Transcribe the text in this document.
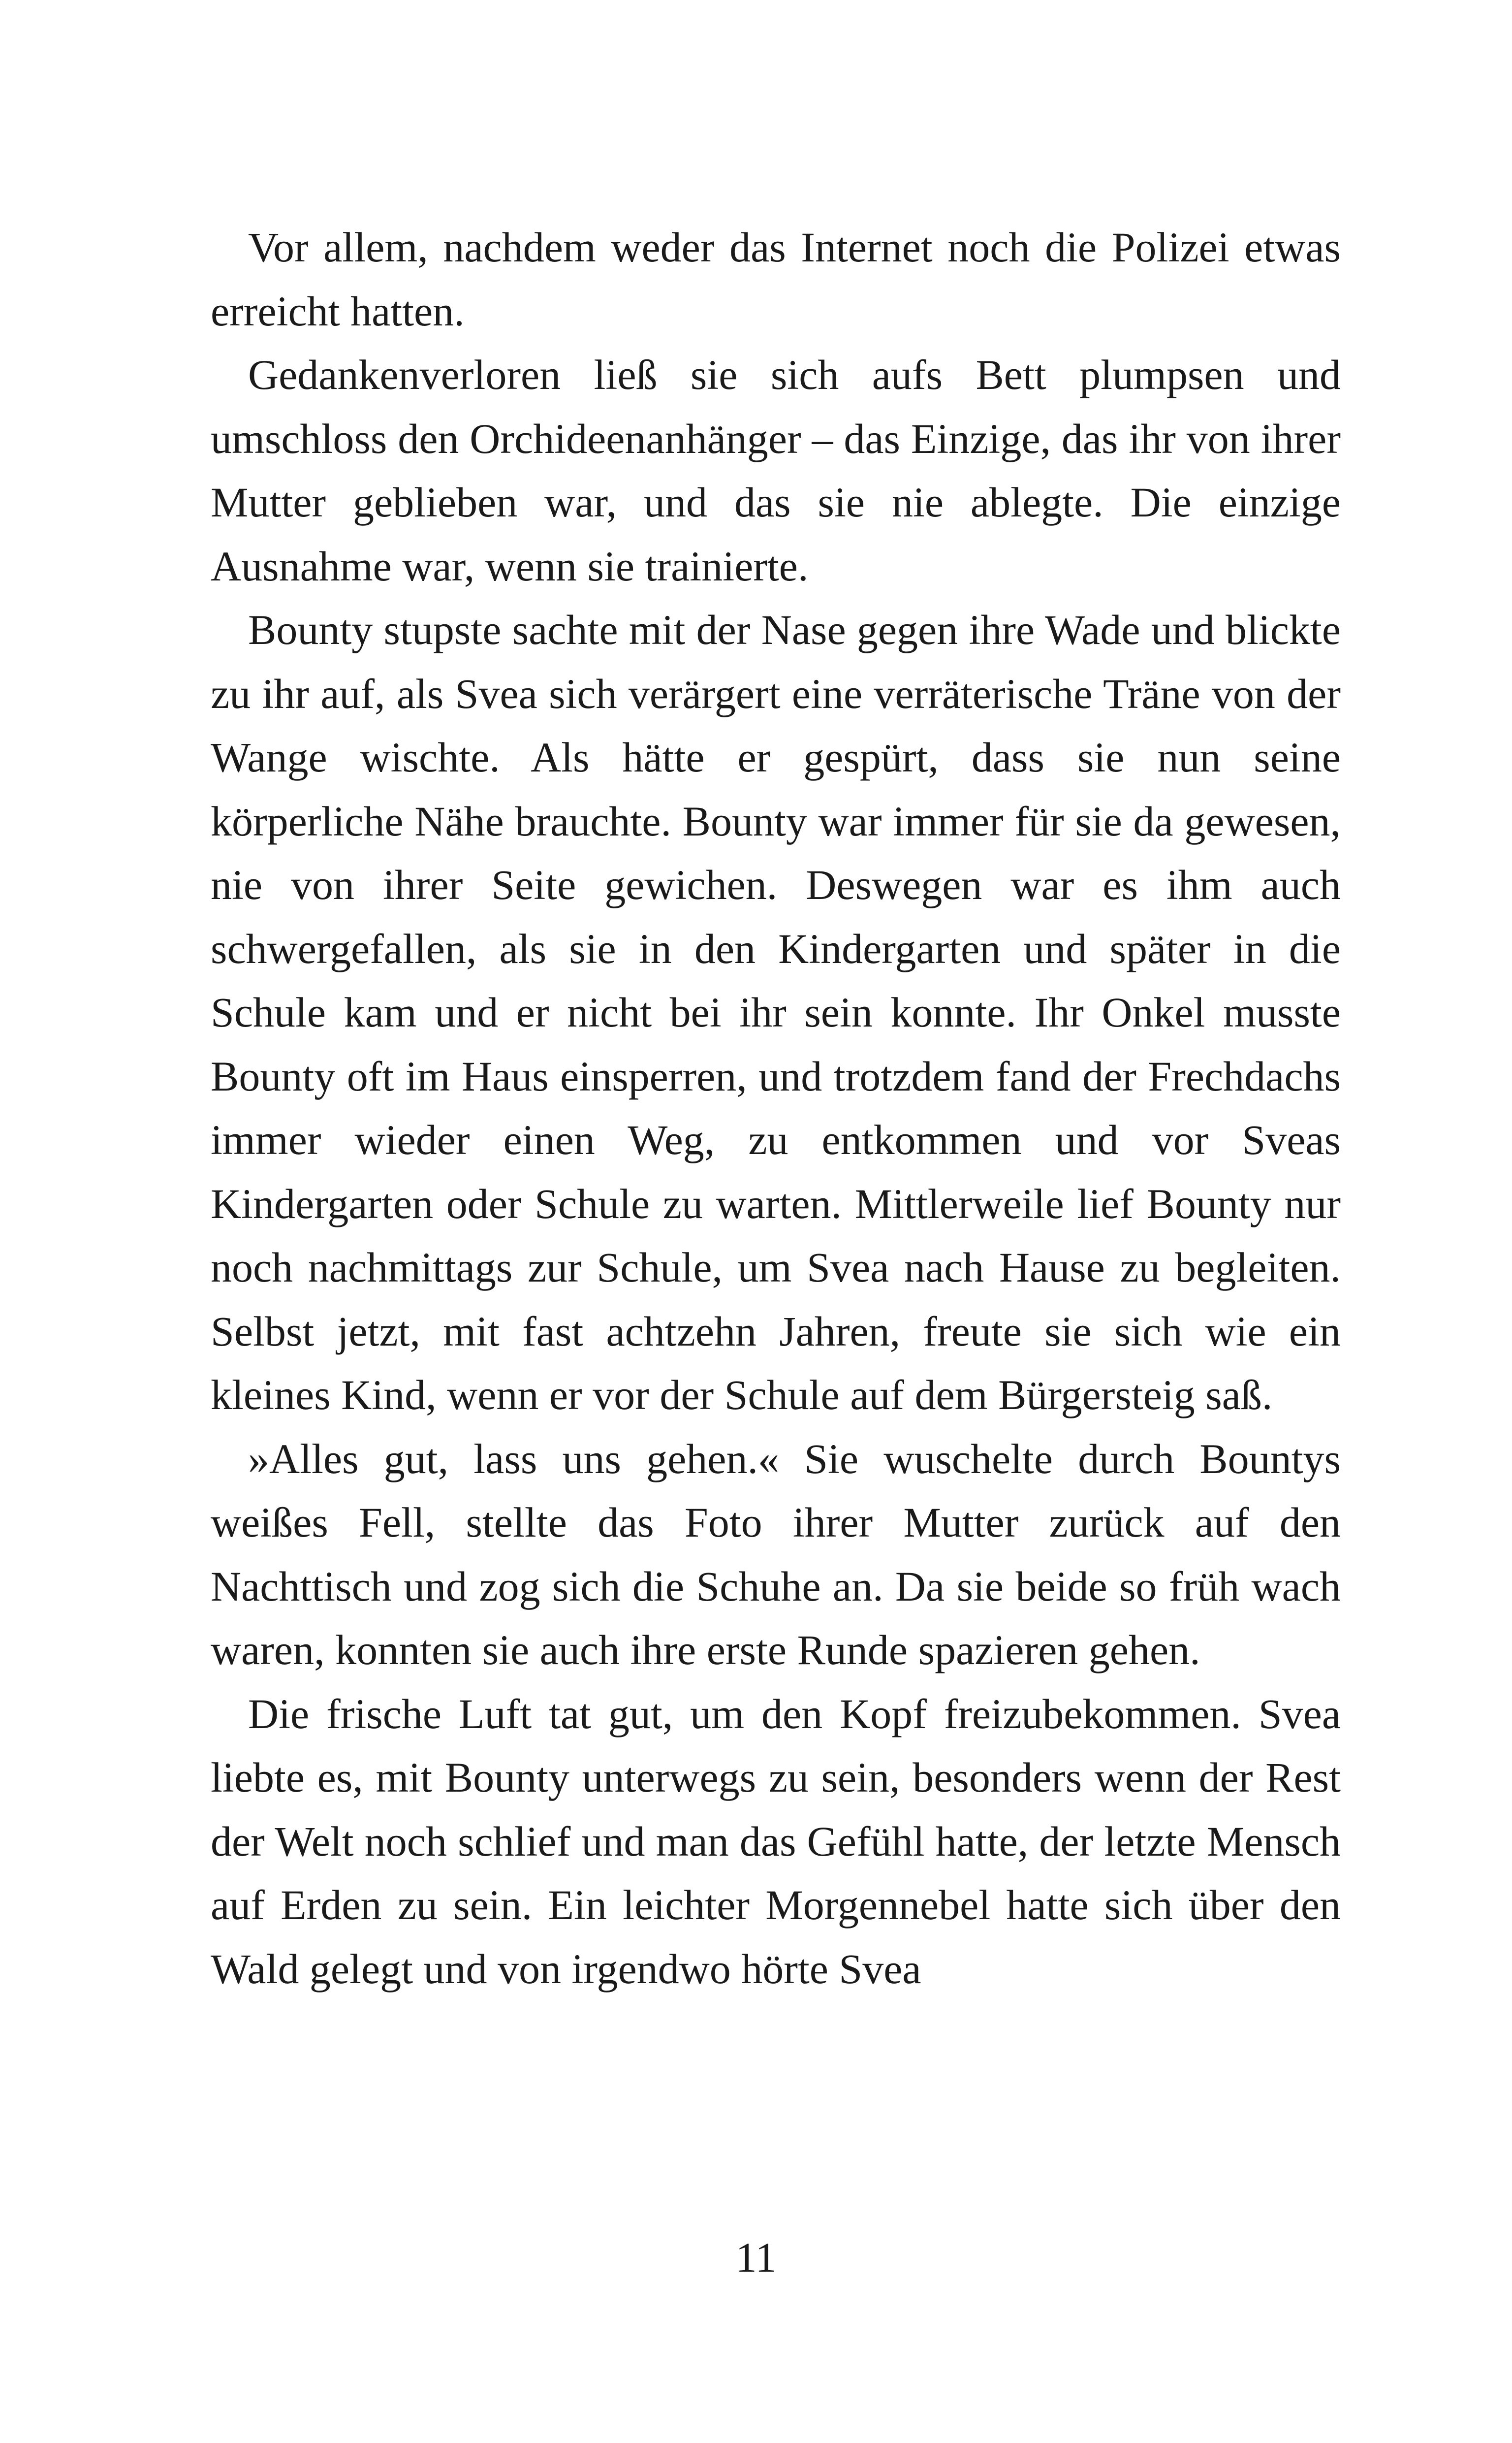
Vor allem, nachdem weder das Internet noch die Polizei etwas erreicht hatten.

Gedankenverloren ließ sie sich aufs Bett plumpsen und umschloss den Orchideenanhänger – das Einzige, das ihr von ihrer Mutter geblieben war, und das sie nie ablegte. Die einzige Ausnahme war, wenn sie trainierte.

Bounty stupste sachte mit der Nase gegen ihre Wade und blickte zu ihr auf, als Svea sich verärgert eine verräterische Träne von der Wange wischte. Als hätte er gespürt, dass sie nun seine körperliche Nähe brauchte. Bounty war immer für sie da gewesen, nie von ihrer Seite gewichen. Deswegen war es ihm auch schwergefallen, als sie in den Kindergarten und später in die Schule kam und er nicht bei ihr sein konnte. Ihr Onkel musste Bounty oft im Haus einsperren, und trotzdem fand der Frechdachs immer wieder einen Weg, zu entkommen und vor Sveas Kindergarten oder Schule zu warten. Mittlerweile lief Bounty nur noch nachmittags zur Schule, um Svea nach Hause zu begleiten. Selbst jetzt, mit fast achtzehn Jahren, freute sie sich wie ein kleines Kind, wenn er vor der Schule auf dem Bürgersteig saß.

»Alles gut, lass uns gehen.« Sie wuschelte durch Bountys weißes Fell, stellte das Foto ihrer Mutter zurück auf den Nachttisch und zog sich die Schuhe an. Da sie beide so früh wach waren, konnten sie auch ihre erste Runde spazieren gehen.

Die frische Luft tat gut, um den Kopf freizubekommen. Svea liebte es, mit Bounty unterwegs zu sein, besonders wenn der Rest der Welt noch schlief und man das Gefühl hatte, der letzte Mensch auf Erden zu sein. Ein leichter Morgennebel hatte sich über den Wald gelegt und von irgendwo hörte Svea

11
